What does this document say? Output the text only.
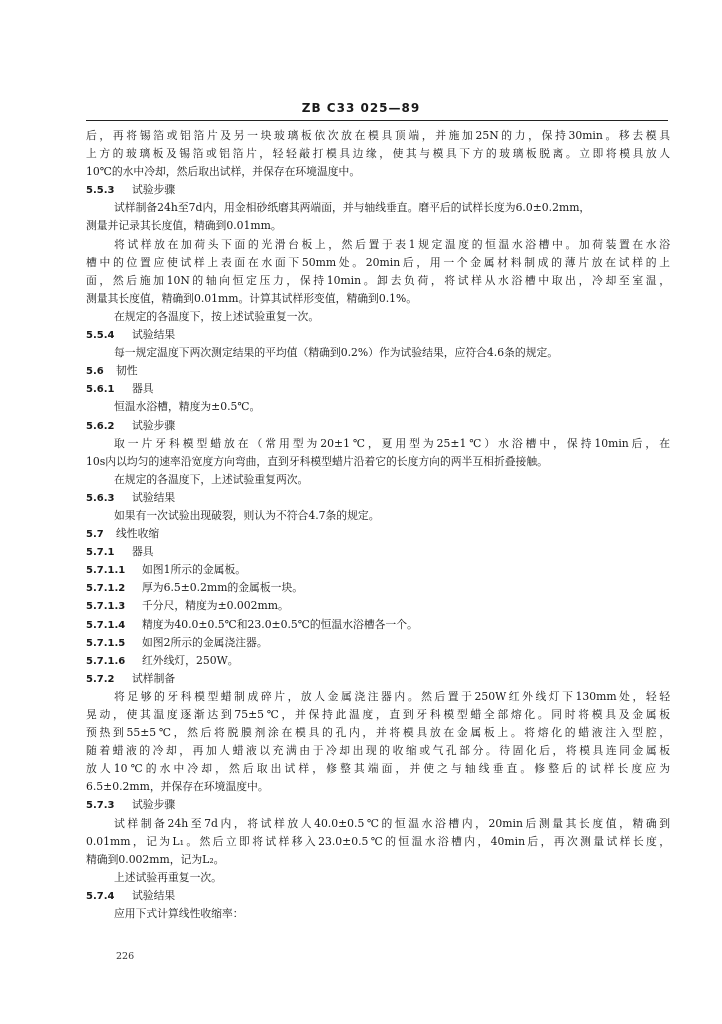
ZB C33 025—89
后，再将锡箔或铝箔片及另一块玻璃板依次放在模具顶端，并施加25N的力，保持30min。移去模具
上方的玻璃板及锡箔或铝箔片，轻轻敲打模具边缘，使其与模具下方的玻璃板脱离。立即将模具放人
10℃的水中冷却，然后取出试样，并保存在环境温度中。
5.5.3 试验步骤
试样制备24h至7d内，用金相砂纸磨其两端面，并与轴线垂直。磨平后的试样长度为6.0±0.2mm，
测量并记录其长度值，精确到0.01mm。
将试样放在加荷头下面的光滑台板上，然后置于表1规定温度的恒温水浴槽中。加荷装置在水浴
槽中的位置应使试样上表面在水面下50mm处。20min后，用一个金属材料制成的薄片放在试样的上
面，然后施加10N的轴向恒定压力，保持10min。卸去负荷，将试样从水浴槽中取出，冷却至室温，
测量其长度值，精确到0.01mm。计算其试样形变值，精确到0.1%。
在规定的各温度下，按上述试验重复一次。
5.5.4 试验结果
每一规定温度下两次测定结果的平均值（精确到0.2%）作为试验结果，应符合4.6条的规定。
5.6 韧性
5.6.1 器具
恒温水浴槽，精度为±0.5℃。
5.6.2 试验步骤
取一片牙科模型蜡放在（常用型为20±1℃，夏用型为25±1℃）水浴槽中，保持10min后，在
10s内以均匀的速率沿宽度方向弯曲，直到牙科模型蜡片沿着它的长度方向的两半互相折叠接触。
在规定的各温度下，上述试验重复两次。
5.6.3 试验结果
如果有一次试验出现破裂，则认为不符合4.7条的规定。
5.7 线性收缩
5.7.1 器具
5.7.1.1 如图1所示的金属板。
5.7.1.2 厚为6.5±0.2mm的金属板一块。
5.7.1.3 千分尺，精度为±0.002mm。
5.7.1.4 精度为40.0±0.5℃和23.0±0.5℃的恒温水浴槽各一个。
5.7.1.5 如图2所示的金属浇注器。
5.7.1.6 红外线灯，250W。
5.7.2 试样制备
将足够的牙科模型蜡制成碎片，放人金属浇注器内。然后置于250W红外线灯下130mm处，轻轻
晃动，使其温度逐渐达到75±5℃，并保持此温度，直到牙科模型蜡全部熔化。同时将模具及金属板
预热到55±5℃，然后将脱膜剂涂在模具的孔内，并将模具放在金属板上。将熔化的蜡液注入型腔，
随着蜡液的冷却，再加人蜡液以充满由于冷却出现的收缩或气孔部分。待固化后，将模具连同金属板
放人10℃的水中冷却，然后取出试样，修整其端面，并使之与轴线垂直。修整后的试样长度应为
6.5±0.2mm，并保存在环境温度中。
5.7.3 试验步骤
试样制备24h至7d内，将试样放人40.0±0.5℃的恒温水浴槽内，20min后测量其长度值，精确到
0.01mm，记为L₁。然后立即将试样移入23.0±0.5℃的恒温水浴槽内，40min后，再次测量试样长度，
精确到0.002mm，记为L₂。
上述试验再重复一次。
5.7.4 试验结果
应用下式计算线性收缩率：
226
